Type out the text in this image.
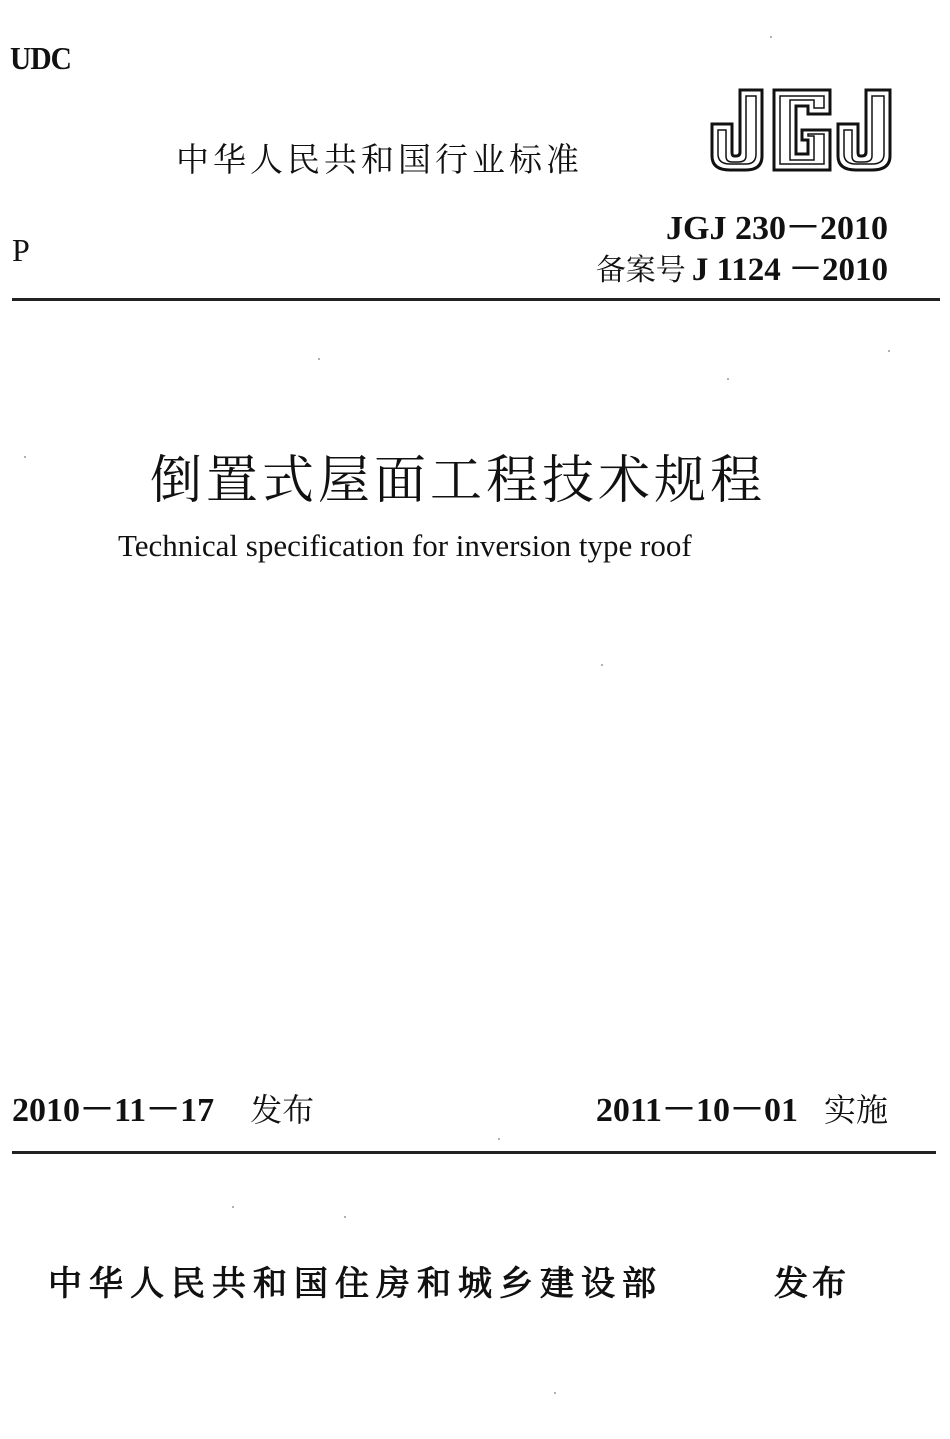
UDC
P
中华人民共和国行业标准
JGJ 230－2010
备案号 J 1124 －2010
倒置式屋面工程技术规程
Technical specification for inversion type roof
2010－11－17 发布	2011－10－01 实施
中华人民共和国住房和城乡建设部	发布
